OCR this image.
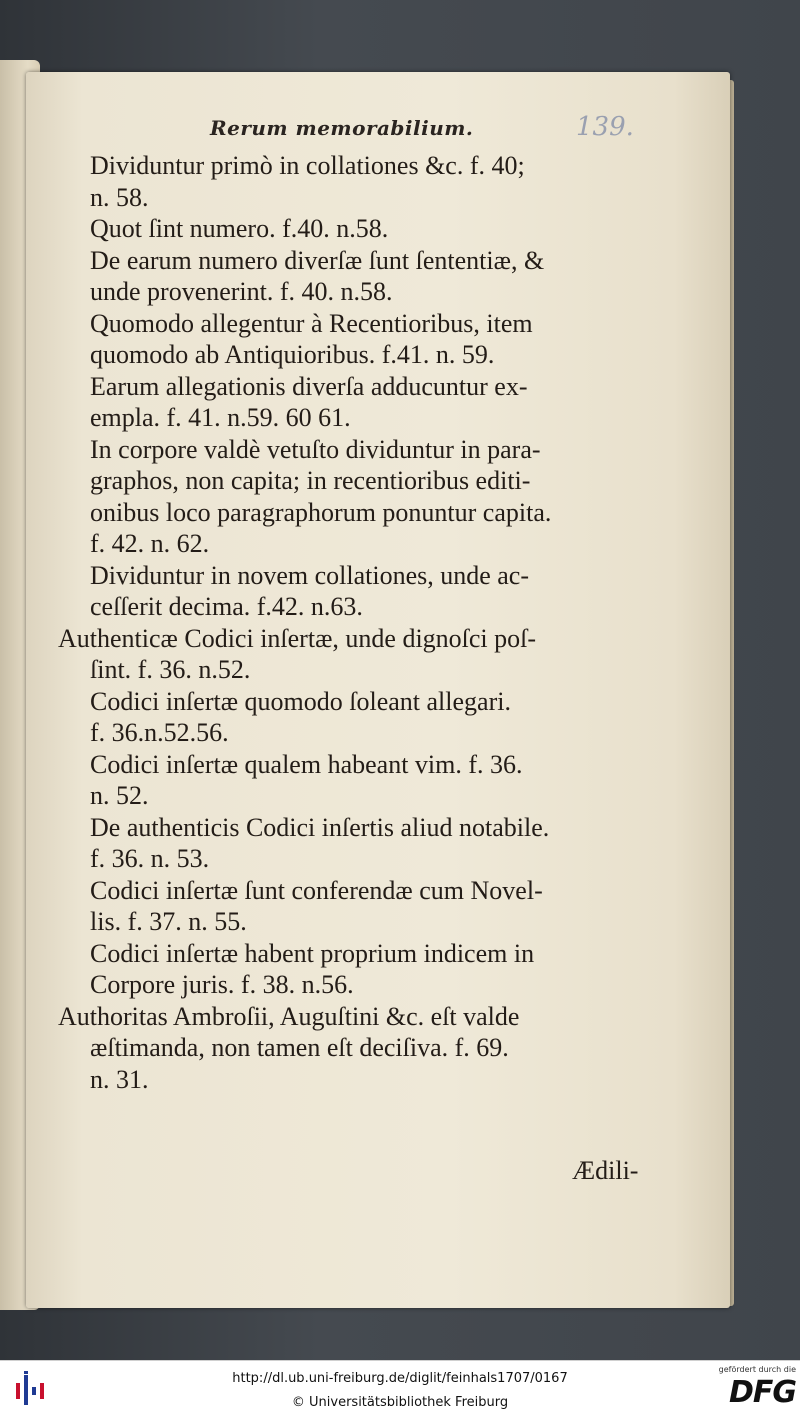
Rerum memorabilium.	139.
Dividuntur primò in collationes &c. f. 40;
n. 58.
Quot ſint numero. f.40. n.58.
De earum numero diverſæ ſunt ſententiæ, &
unde provenerint. f. 40. n.58.
Quomodo allegentur à Recentioribus, item
quomodo ab Antiquioribus. f.41. n. 59.
Earum allegationis diverſa adducuntur ex-
empla. f. 41. n.59. 60 61.
In corpore valdè vetuſto dividuntur in para-
graphos, non capita; in recentioribus editi-
onibus loco paragraphorum ponuntur capita.
f. 42. n. 62.
Dividuntur in novem collationes, unde ac-
ceſſerit decima. f.42. n.63.
Authenticæ Codici inſertæ, unde dignoſci poſ-
ſint. f. 36. n.52.
Codici inſertæ quomodo ſoleant allegari.
f. 36.n.52.56.
Codici inſertæ qualem habeant vim. f. 36.
n. 52.
De authenticis Codici inſertis aliud notabile.
f. 36. n. 53.
Codici inſertæ ſunt conferendæ cum Novel-
lis. f. 37. n. 55.
Codici inſertæ habent proprium indicem in
Corpore juris. f. 38. n.56.
Authoritas Ambroſii, Auguſtini &c. eſt valde
æſtimanda, non tamen eſt deciſiva. f. 69.
n. 31.
Ædili-
http://dl.ub.uni-freiburg.de/diglit/feinhals1707/0167
© Universitätsbibliothek Freiburg
gefördert durch die
DFG
